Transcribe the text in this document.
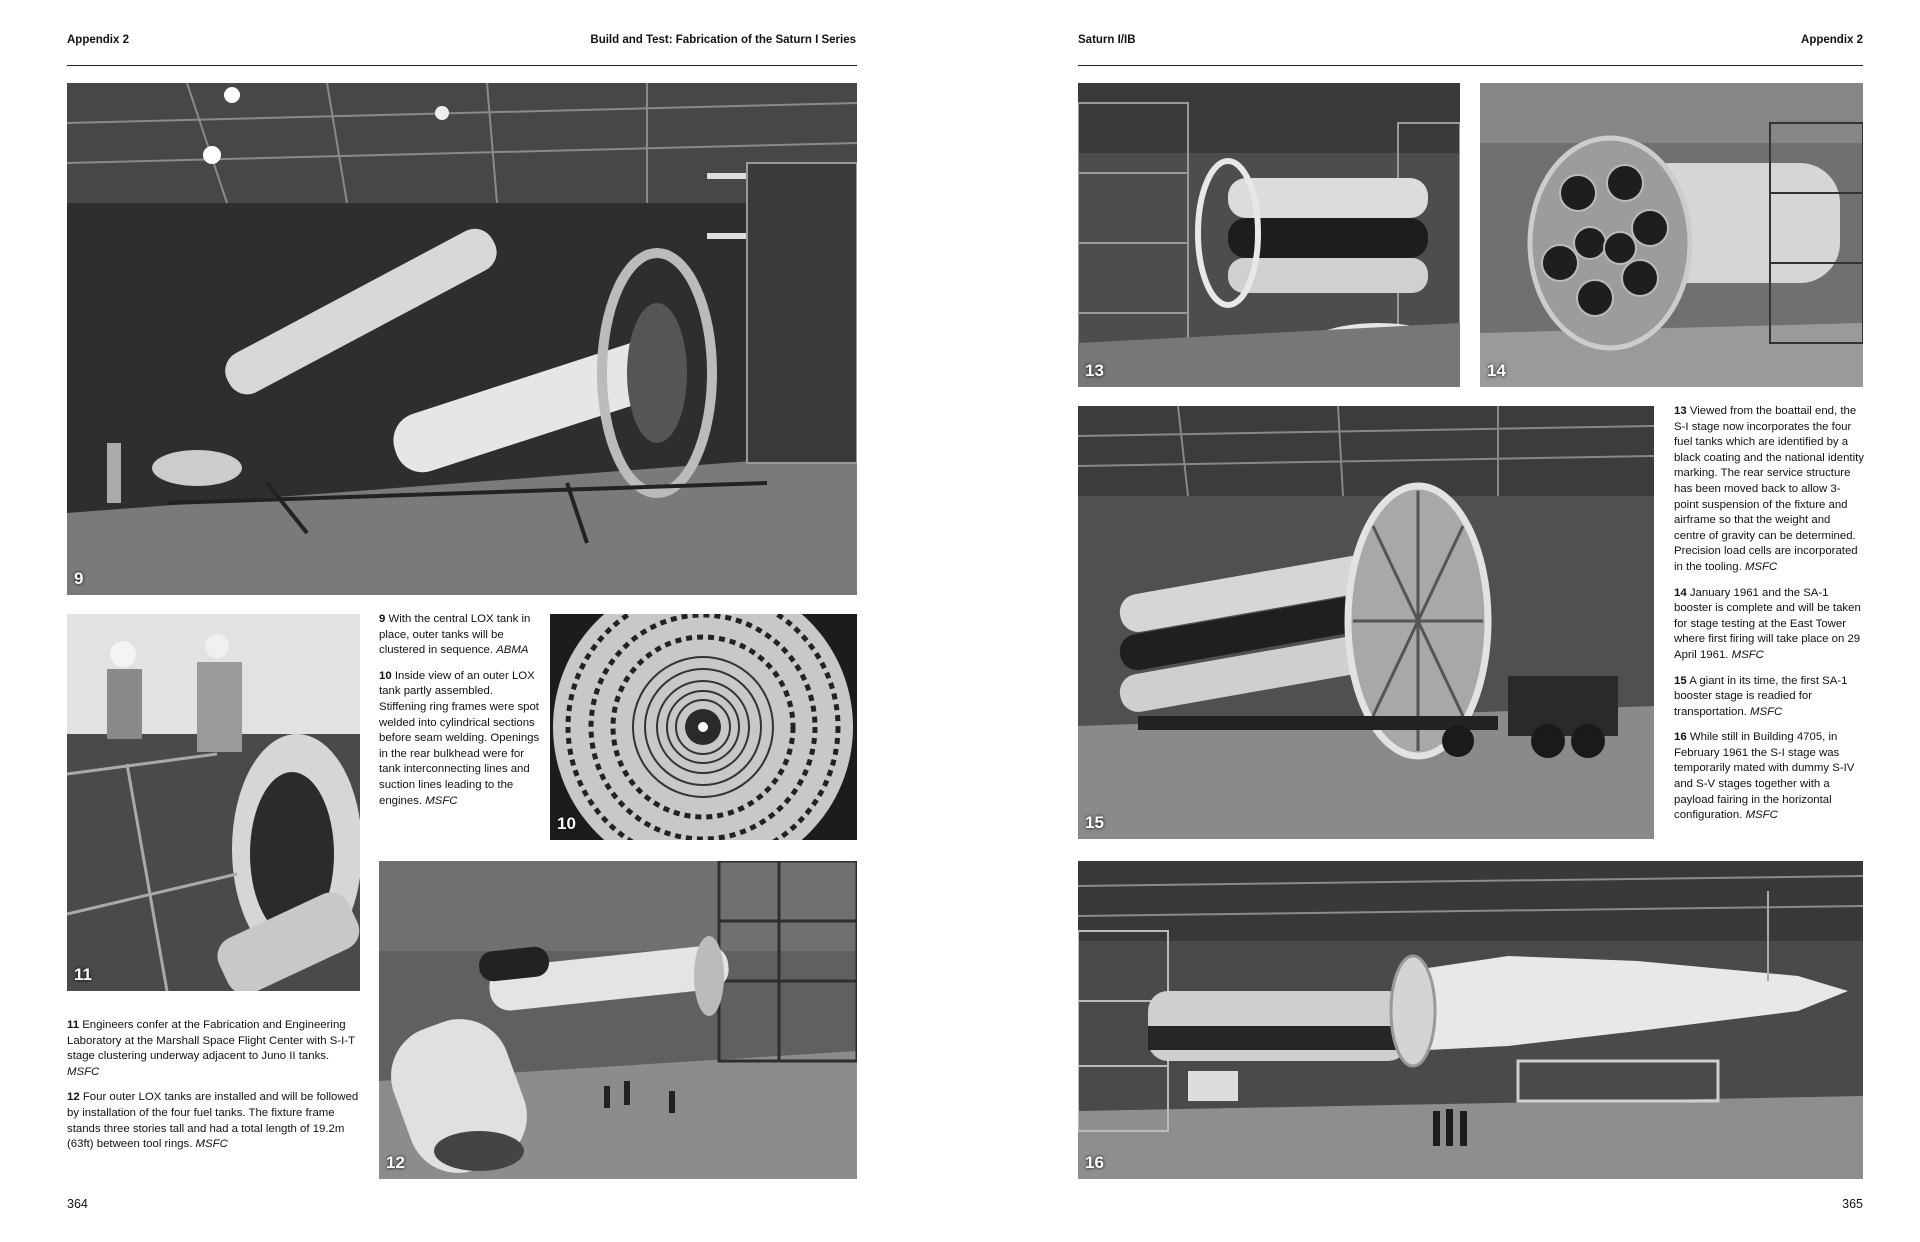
Appendix 2	Build and Test: Fabrication of the Saturn I Series	Saturn I/IB	Appendix 2
9
11
10
12

9 With the central LOX tank in place, outer tanks will be clustered in sequence. ABMA

10 Inside view of an outer LOX tank partly assembled. Stiffening ring frames were spot welded into cylindrical sections before seam welding. Openings in the rear bulkhead were for tank interconnecting lines and suction lines leading to the engines. MSFC

11 Engineers confer at the Fabrication and Engineering Laboratory at the Marshall Space Flight Center with S-I-T stage clustering underway adjacent to Juno II tanks. MSFC

12 Four outer LOX tanks are installed and will be followed by installation of the four fuel tanks. The fixture frame stands three stories tall and had a total length of 19.2m (63ft) between tool rings. MSFC

13	14
15

13 Viewed from the boattail end, the S-I stage now incorporates the four fuel tanks which are identified by a black coating and the national identity marking. The rear service structure has been moved back to allow 3-point suspension of the fixture and airframe so that the weight and centre of gravity can be determined. Precision load cells are incorporated in the tooling. MSFC

14 January 1961 and the SA-1 booster is complete and will be taken for stage testing at the East Tower where first firing will take place on 29 April 1961. MSFC

15 A giant in its time, the first SA-1 booster stage is readied for transportation. MSFC

16 While still in Building 4705, in February 1961 the S-I stage was temporarily mated with dummy S-IV and S-V stages together with a payload fairing in the horizontal configuration. MSFC

16
364	365
